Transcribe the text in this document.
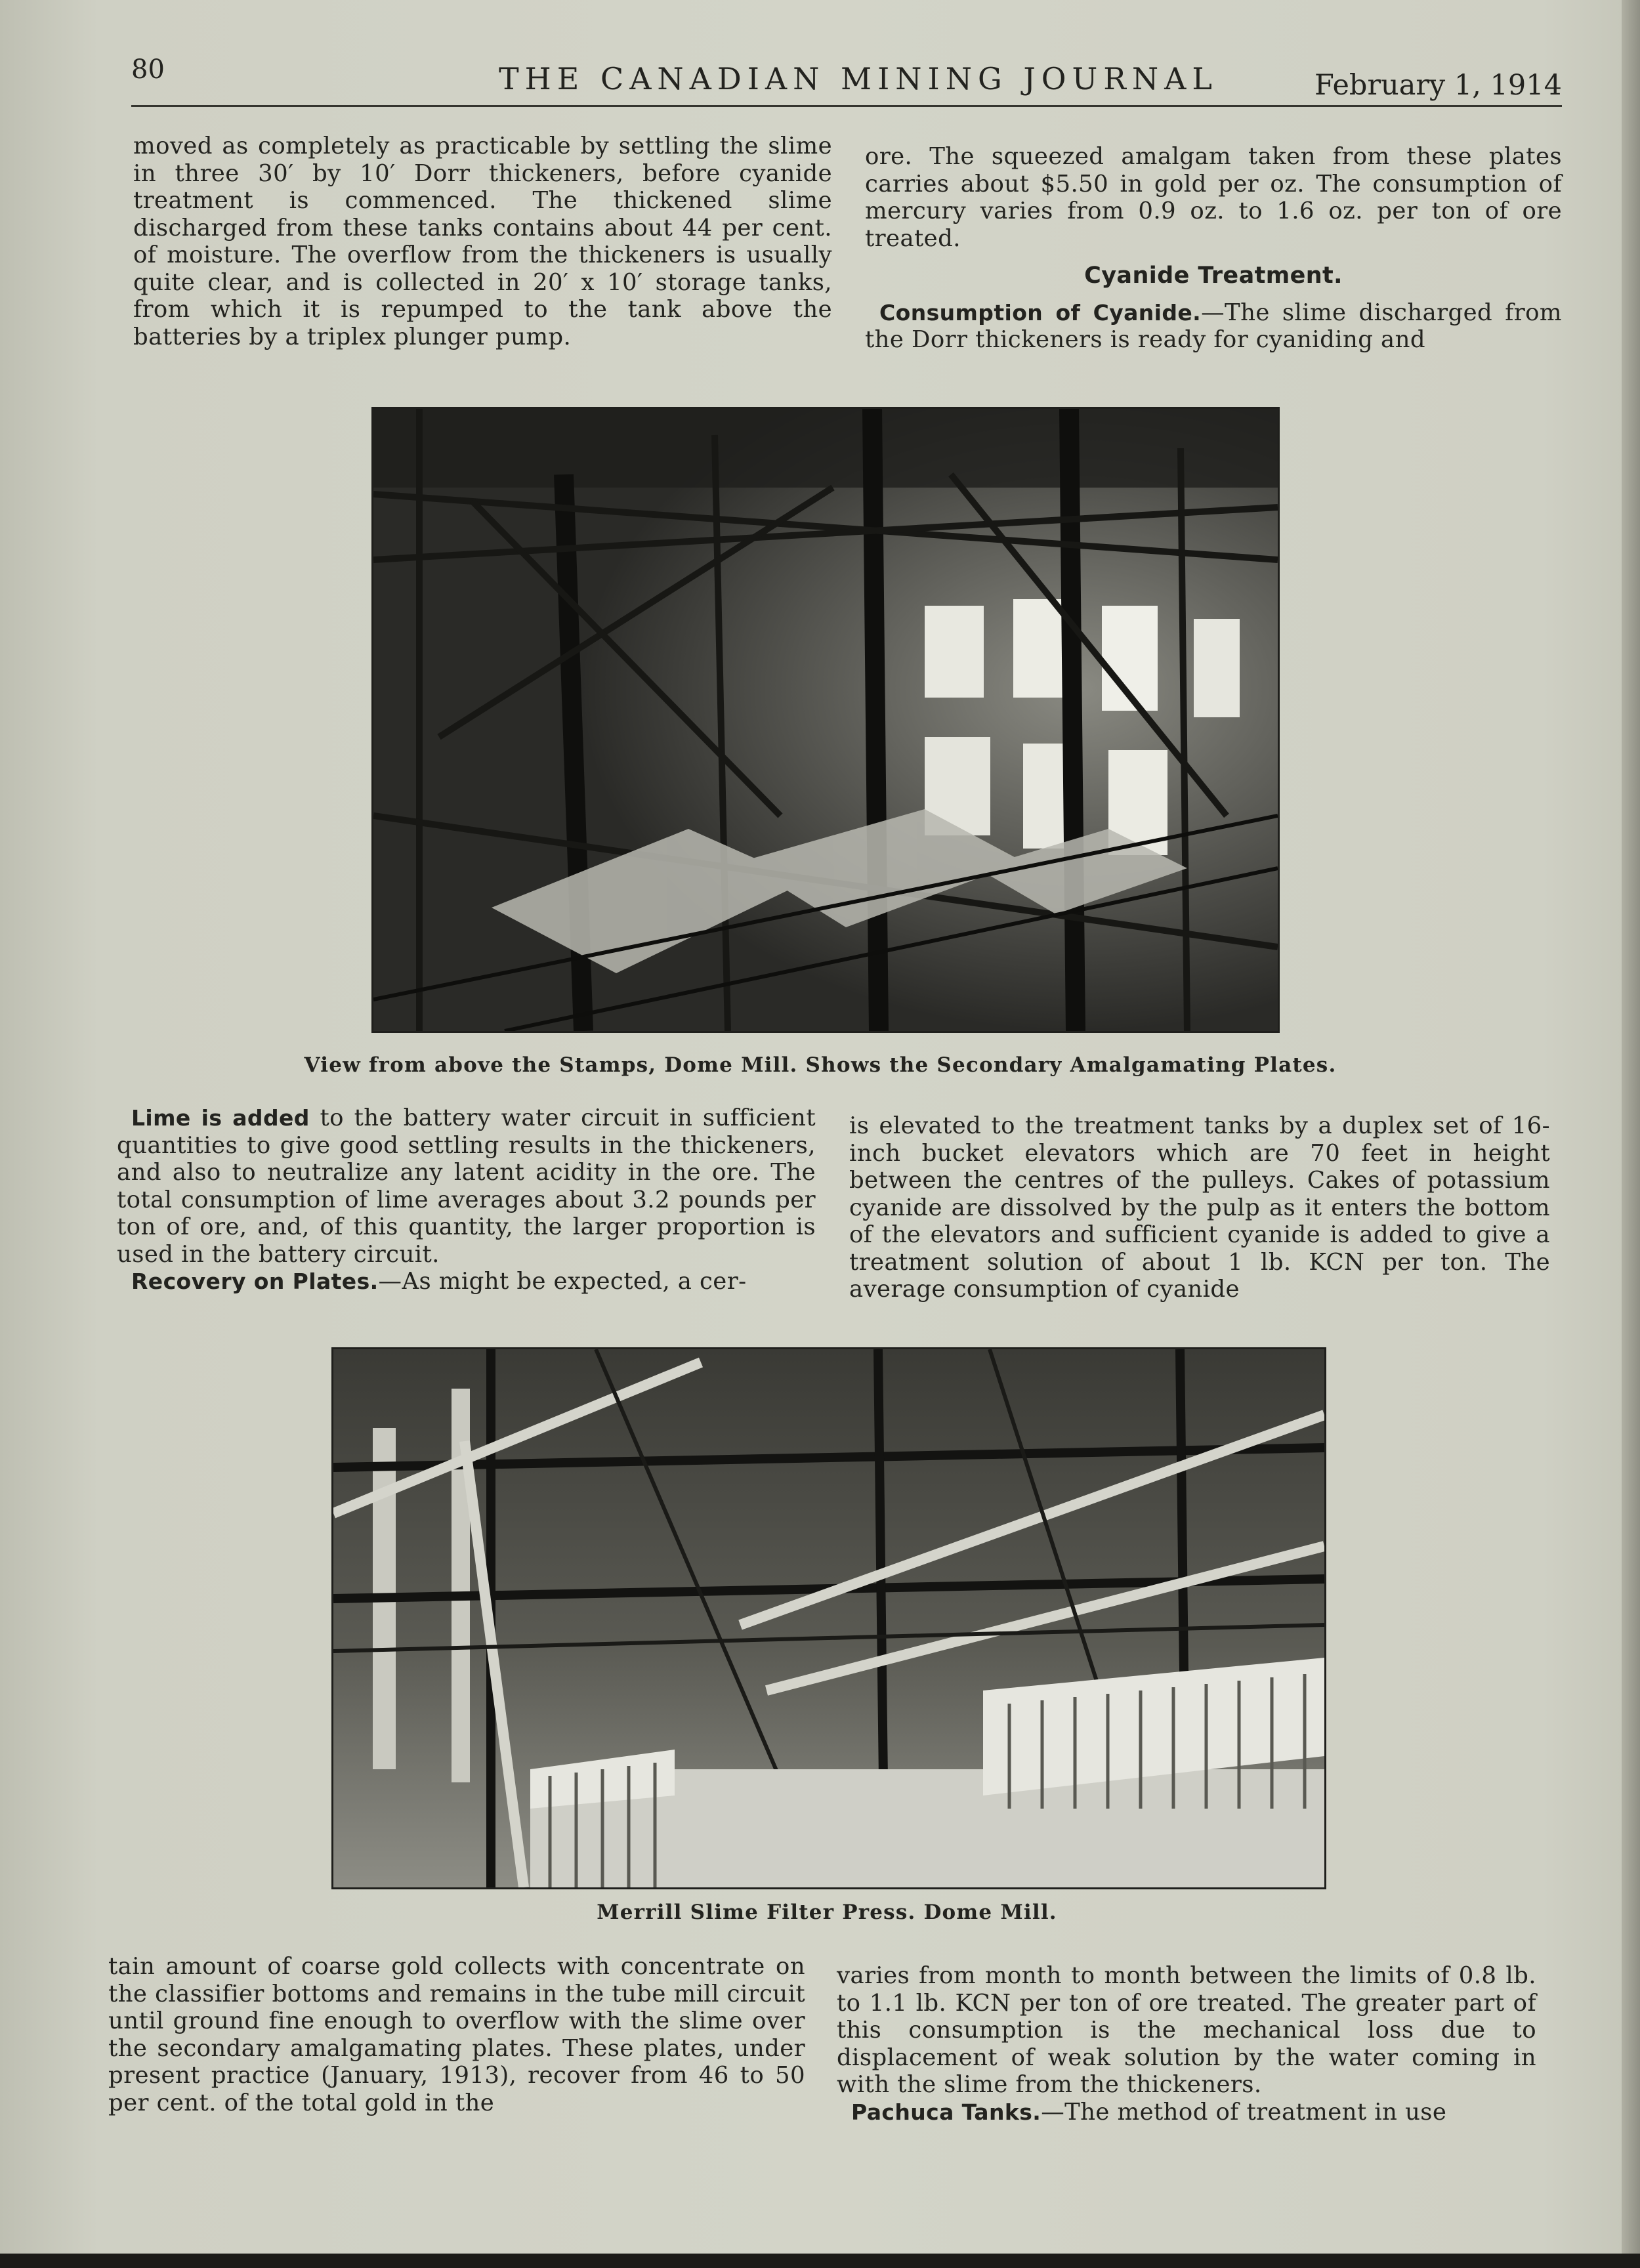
80	THE CANADIAN MINING JOURNAL	February 1, 1914

moved as completely as practicable by settling the slime in three 30′ by 10′ Dorr thickeners, before cyanide treatment is commenced. The thickened slime discharged from these tanks contains about 44 per cent. of moisture. The overflow from the thickeners is usually quite clear, and is collected in 20′ x 10′ storage tanks, from which it is repumped to the tank above the batteries by a triplex plunger pump.

ore. The squeezed amalgam taken from these plates carries about $5.50 in gold per oz. The consumption of mercury varies from 0.9 oz. to 1.6 oz. per ton of ore treated.

Cyanide Treatment.

Consumption of Cyanide.—The slime discharged from the Dorr thickeners is ready for cyaniding and

View from above the Stamps, Dome Mill. Shows the Secondary Amalgamating Plates.

Lime is added to the battery water circuit in sufficient quantities to give good settling results in the thickeners, and also to neutralize any latent acidity in the ore. The total consumption of lime averages about 3.2 pounds per ton of ore, and, of this quantity, the larger proportion is used in the battery circuit.

Recovery on Plates.—As might be expected, a cer-

is elevated to the treatment tanks by a duplex set of 16-inch bucket elevators which are 70 feet in height between the centres of the pulleys. Cakes of potassium cyanide are dissolved by the pulp as it enters the bottom of the elevators and sufficient cyanide is added to give a treatment solution of about 1 lb. KCN per ton. The average consumption of cyanide

Merrill Slime Filter Press. Dome Mill.

tain amount of coarse gold collects with concentrate on the classifier bottoms and remains in the tube mill circuit until ground fine enough to overflow with the slime over the secondary amalgamating plates. These plates, under present practice (January, 1913), recover from 46 to 50 per cent. of the total gold in the

varies from month to month between the limits of 0.8 lb. to 1.1 lb. KCN per ton of ore treated. The greater part of this consumption is the mechanical loss due to displacement of weak solution by the water coming in with the slime from the thickeners.

Pachuca Tanks.—The method of treatment in use
